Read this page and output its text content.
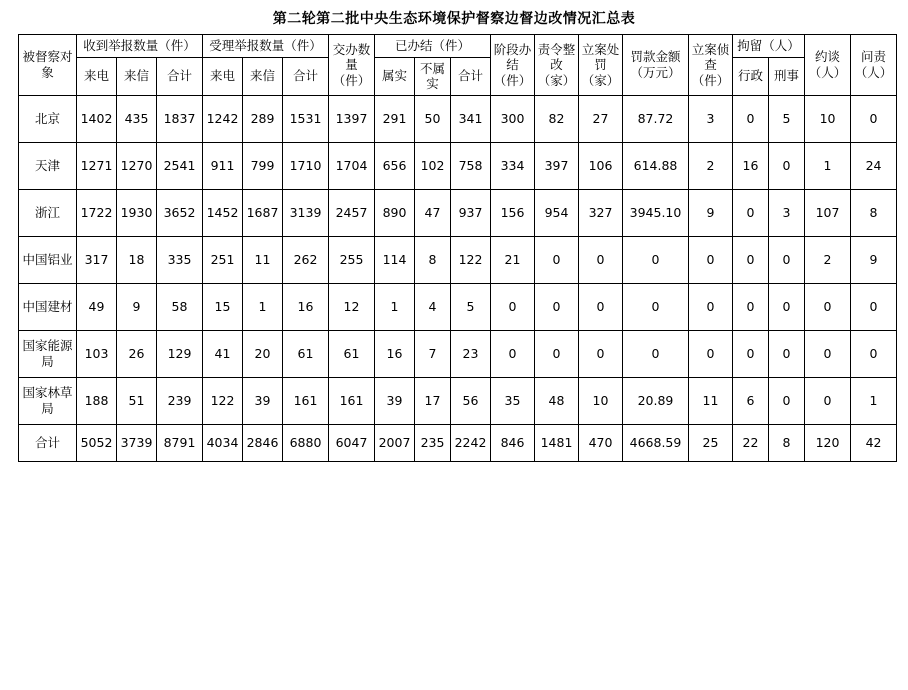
第二轮第二批中央生态环境保护督察边督边改情况汇总表
被督察对象	收到举报数量（件）			受理举报数量（件）			交办数量（件）	已办结（件）			阶段办结（件）	责令整改（家）	立案处罚（家）	罚款金额（万元）	立案侦查（件）	拘留（人）		约谈（人）	问责（人）
	来电	来信	合计	来电	来信	合计		属实	不属实	合计						行政	刑事		
北京	1402	435	1837	1242	289	1531	1397	291	50	341	300	82	27	87.72	3	0	5	10	0
天津	1271	1270	2541	911	799	1710	1704	656	102	758	334	397	106	614.88	2	16	0	1	24
浙江	1722	1930	3652	1452	1687	3139	2457	890	47	937	156	954	327	3945.10	9	0	3	107	8
中国铝业	317	18	335	251	11	262	255	114	8	122	21	0	0	0	0	0	0	2	9
中国建材	49	9	58	15	1	16	12	1	4	5	0	0	0	0	0	0	0	0	0
国家能源局	103	26	129	41	20	61	61	16	7	23	0	0	0	0	0	0	0	0	0
国家林草局	188	51	239	122	39	161	161	39	17	56	35	48	10	20.89	11	6	0	0	1
合计	5052	3739	8791	4034	2846	6880	6047	2007	235	2242	846	1481	470	4668.59	25	22	8	120	42
